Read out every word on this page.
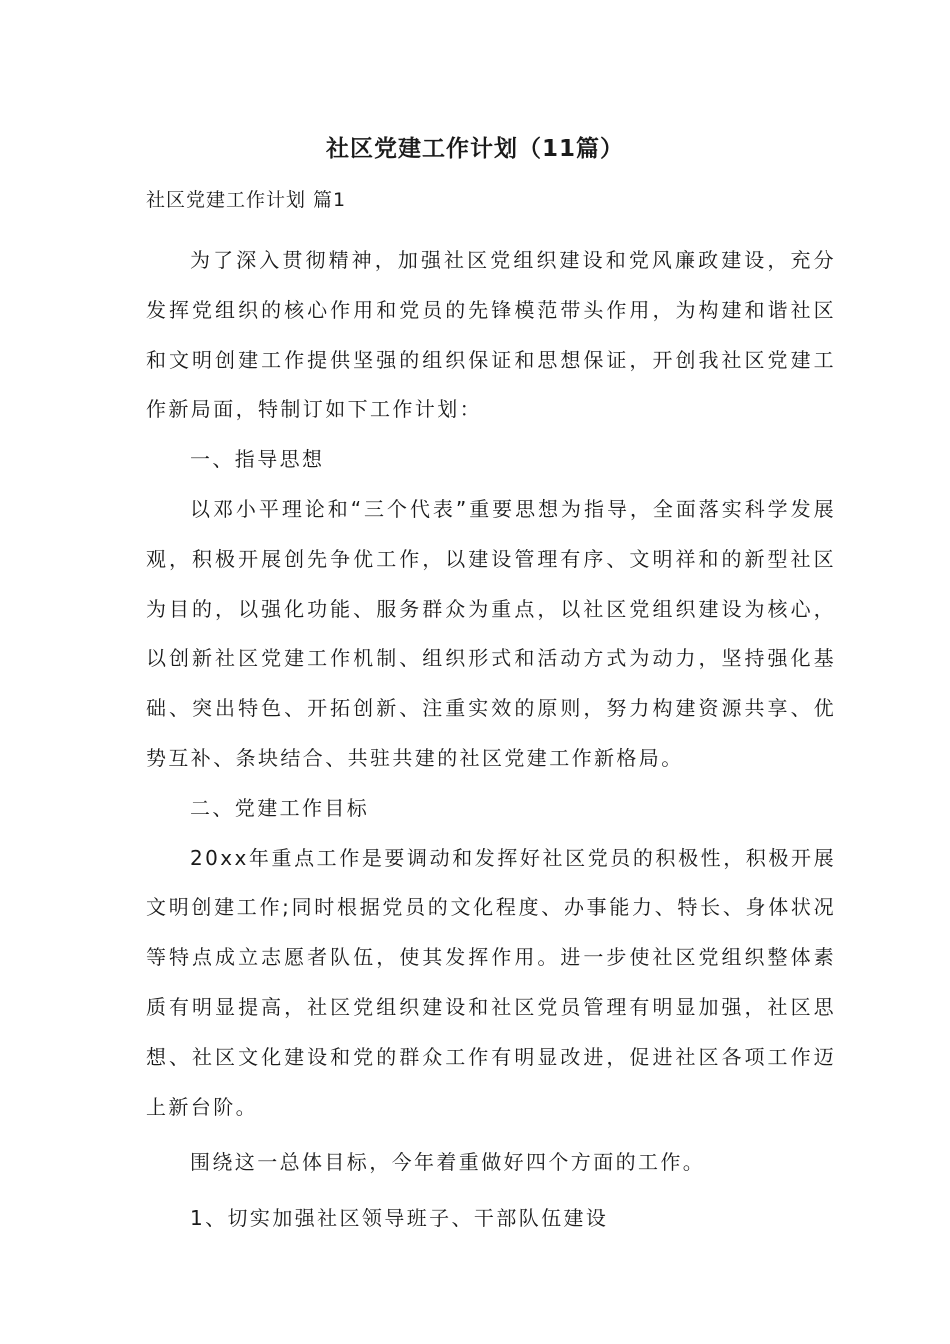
社区党建工作计划（11篇）

社区党建工作计划 篇1

为了深入贯彻精神，加强社区党组织建设和党风廉政建设，充分发挥党组织的核心作用和党员的先锋模范带头作用，为构建和谐社区和文明创建工作提供坚强的组织保证和思想保证，开创我社区党建工作新局面，特制订如下工作计划：

一、指导思想

以邓小平理论和“三个代表”重要思想为指导，全面落实科学发展观，积极开展创先争优工作，以建设管理有序、文明祥和的新型社区为目的，以强化功能、服务群众为重点，以社区党组织建设为核心，以创新社区党建工作机制、组织形式和活动方式为动力，坚持强化基础、突出特色、开拓创新、注重实效的原则，努力构建资源共享、优势互补、条块结合、共驻共建的社区党建工作新格局。

二、党建工作目标

20xx年重点工作是要调动和发挥好社区党员的积极性，积极开展文明创建工作;同时根据党员的文化程度、办事能力、特长、身体状况等特点成立志愿者队伍，使其发挥作用。进一步使社区党组织整体素质有明显提高，社区党组织建设和社区党员管理有明显加强，社区思想、社区文化建设和党的群众工作有明显改进，促进社区各项工作迈上新台阶。

围绕这一总体目标，今年着重做好四个方面的工作。

1、切实加强社区领导班子、干部队伍建设
